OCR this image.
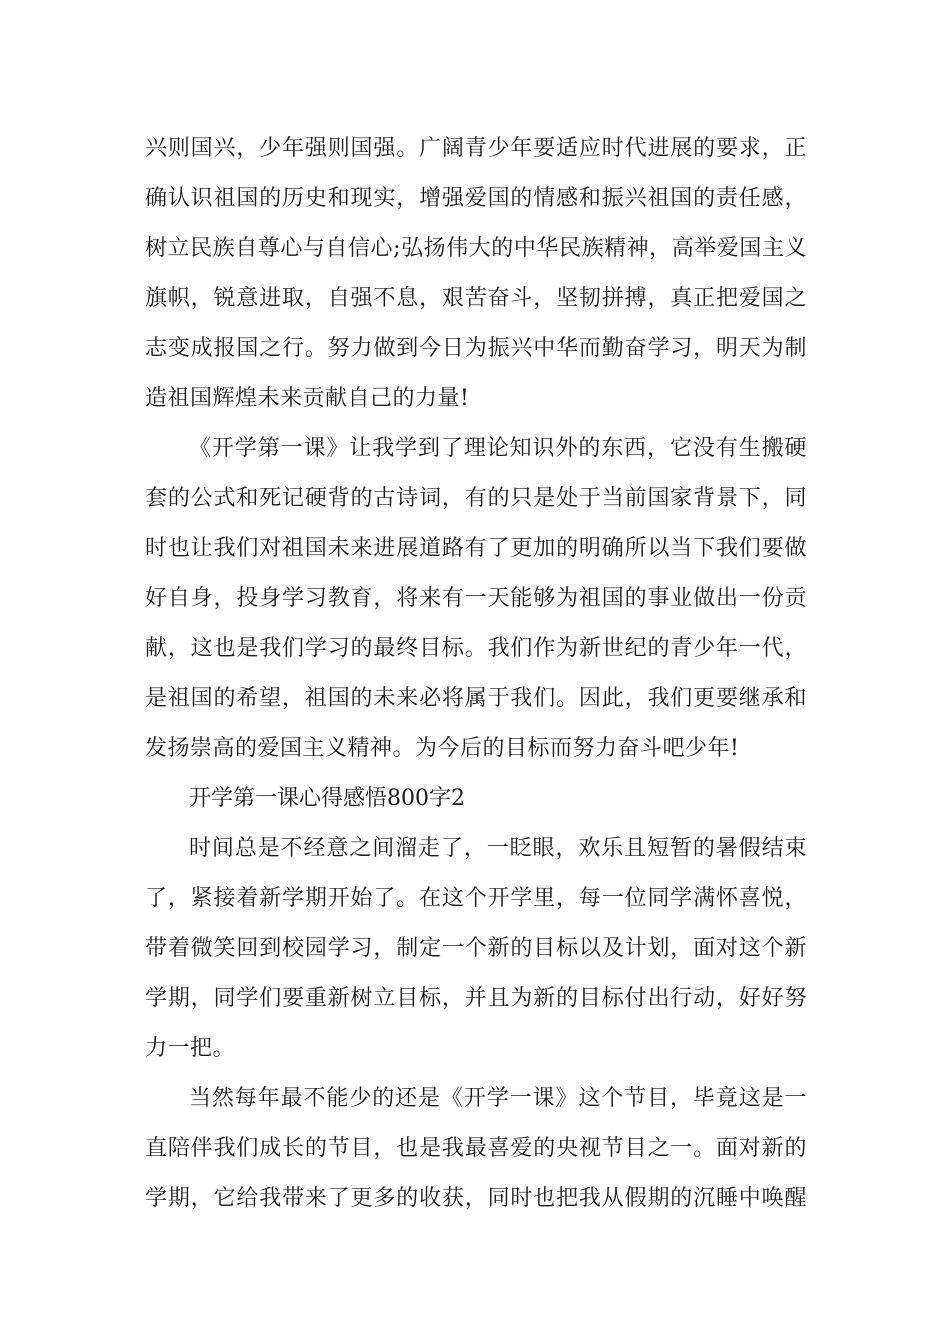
兴则国兴，少年强则国强。广阔青少年要适应时代进展的要求，正
确认识祖国的历史和现实，增强爱国的情感和振兴祖国的责任感，
树立民族自尊心与自信心;弘扬伟大的中华民族精神，高举爱国主义
旗帜，锐意进取，自强不息，艰苦奋斗，坚韧拼搏，真正把爱国之
志变成报国之行。努力做到今日为振兴中华而勤奋学习，明天为制
造祖国辉煌未来贡献自己的力量!
《开学第一课》让我学到了理论知识外的东西，它没有生搬硬
套的公式和死记硬背的古诗词，有的只是处于当前国家背景下，同
时也让我们对祖国未来进展道路有了更加的明确所以当下我们要做
好自身，投身学习教育，将来有一天能够为祖国的事业做出一份贡
献，这也是我们学习的最终目标。我们作为新世纪的青少年一代，
是祖国的希望，祖国的未来必将属于我们。因此，我们更要继承和
发扬崇高的爱国主义精神。为今后的目标而努力奋斗吧少年!
开学第一课心得感悟800字2
时间总是不经意之间溜走了，一眨眼，欢乐且短暂的暑假结束
了，紧接着新学期开始了。在这个开学里，每一位同学满怀喜悦，
带着微笑回到校园学习，制定一个新的目标以及计划，面对这个新
学期，同学们要重新树立目标，并且为新的目标付出行动，好好努
力一把。
当然每年最不能少的还是《开学一课》这个节目，毕竟这是一
直陪伴我们成长的节目，也是我最喜爱的央视节目之一。面对新的
学期，它给我带来了更多的收获，同时也把我从假期的沉睡中唤醒
